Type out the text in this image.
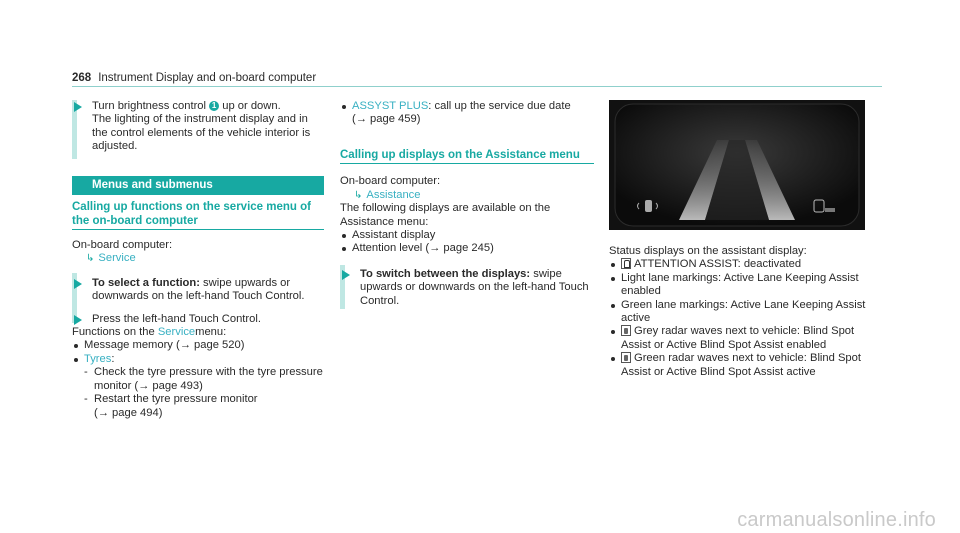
268 Instrument Display and on-board computer
Turn brightness control 1 up or down.
The lighting of the instrument display and in the control elements of the vehicle interior is adjusted.
Menus and submenus
Calling up functions on the service menu of the on-board computer
On-board computer:
↳ Service
To select a function: swipe upwards or downwards on the left-hand Touch Control.
Press the left-hand Touch Control.
Functions on the Servicemenu:
Message memory (→ page 520)
Tyres:
- Check the tyre pressure with the tyre pressure monitor (→ page 493)
- Restart the tyre pressure monitor (→ page 494)
ASSYST PLUS: call up the service due date (→ page 459)
Calling up displays on the Assistance menu
On-board computer:
↳ Assistance
The following displays are available on the Assistance menu:
Assistant display
Attention level (→ page 245)
To switch between the displays: swipe upwards or downwards on the left-hand Touch Control.
Status displays on the assistant display:
ATTENTION ASSIST: deactivated
Light lane markings: Active Lane Keeping Assist enabled
Green lane markings: Active Lane Keeping Assist active
Grey radar waves next to vehicle: Blind Spot Assist or Active Blind Spot Assist enabled
Green radar waves next to vehicle: Blind Spot Assist or Active Blind Spot Assist active
carmanualsonline.info
